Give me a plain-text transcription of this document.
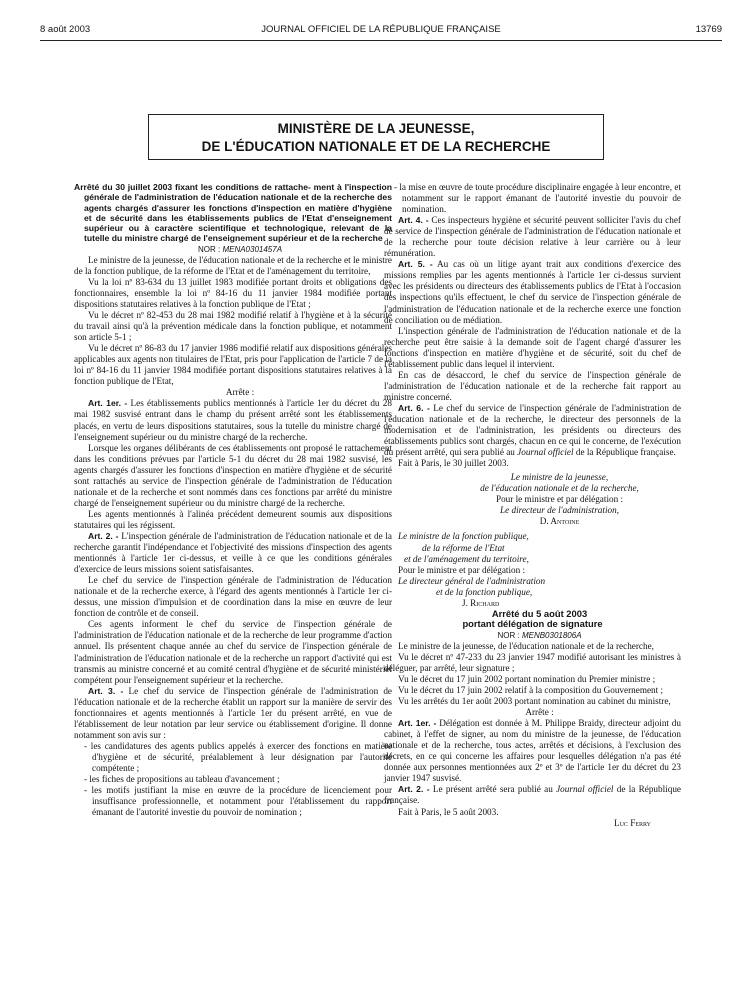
8 août 2003	JOURNAL OFFICIEL DE LA RÉPUBLIQUE FRANÇAISE	13769
MINISTÈRE DE LA JEUNESSE,
DE L'ÉDUCATION NATIONALE ET DE LA RECHERCHE

Arrêté du 30 juillet 2003 fixant les conditions de rattache- ment à l'inspection générale de l'administration de l'éducation nationale et de la recherche des agents chargés d'assurer les fonctions d'inspection en matière d'hygiène et de sécurité dans les établissements publics de l'Etat d'enseignement supérieur ou à caractère scientifique et technologique, relevant de la tutelle du ministre chargé de l'enseignement supérieur et de la recherche

NOR : MENA0301457A

Le ministre de la jeunesse, de l'éducation nationale et de la recherche et le ministre de la fonction publique, de la réforme de l'Etat et de l'aménagement du territoire,

Vu la loi nº 83-634 du 13 juillet 1983 modifiée portant droits et obligations des fonctionnaires, ensemble la loi nº 84-16 du 11 janvier 1984 modifiée portant dispositions statutaires relatives à la fonction publique de l'Etat ;

Vu le décret nº 82-453 du 28 mai 1982 modifié relatif à l'hygiène et à la sécurité du travail ainsi qu'à la prévention médicale dans la fonction publique, et notamment son article 5-1 ;

Vu le décret nº 86-83 du 17 janvier 1986 modifié relatif aux dispositions générales applicables aux agents non titulaires de l'Etat, pris pour l'application de l'article 7 de la loi nº 84-16 du 11 janvier 1984 modifiée portant dispositions statutaires relatives à la fonction publique de l'Etat,

Arrête :

Art. 1er. - Les établissements publics mentionnés à l'article 1er du décret du 28 mai 1982 susvisé entrant dans le champ du présent arrêté sont les établissements placés, en vertu de leurs dispositions statutaires, sous la tutelle du ministre chargé de l'enseignement supérieur ou du ministre chargé de la recherche.

Lorsque les organes délibérants de ces établissements ont proposé le rattachement dans les conditions prévues par l'article 5-1 du décret du 28 mai 1982 susvisé, les agents chargés d'assurer les fonctions d'inspection en matière d'hygiène et de sécurité sont rattachés au service de l'inspection générale de l'administration de l'éducation nationale et de la recherche et sont nommés dans ces fonctions par arrêté du ministre chargé de l'enseignement supérieur ou du ministre chargé de la recherche.

Les agents mentionnés à l'alinéa précédent demeurent soumis aux dispositions statutaires qui les régissent.

Art. 2. - L'inspection générale de l'administration de l'éducation nationale et de la recherche garantit l'indépendance et l'objectivité des missions d'inspection des agents mentionnés à l'article 1er ci-dessus, et veille à ce que les conditions générales d'exercice de leurs missions soient satisfaisantes.

Le chef du service de l'inspection générale de l'administration de l'éducation nationale et de la recherche exerce, à l'égard des agents mentionnés à l'article 1er ci-dessus, une mission d'impulsion et de coordination dans la mise en œuvre de leur fonction de contrôle et de conseil.

Ces agents informent le chef du service de l'inspection générale de l'administration de l'éducation nationale et de la recherche de leur programme d'action annuel. Ils présentent chaque année au chef du service de l'inspection générale de l'administration de l'éducation nationale et de la recherche un rapport d'activité qui est transmis au ministre concerné et au comité central d'hygiène et de sécurité ministériel compétent pour l'enseignement supérieur et la recherche.

Art. 3. - Le chef du service de l'inspection générale de l'administration de l'éducation nationale et de la recherche établit un rapport sur la manière de servir des fonctionnaires et agents mentionnés à l'article 1er du présent arrêté, en vue de l'établissement de leur notation par leur service ou établissement d'origine. Il donne notamment son avis sur :

- les candidatures des agents publics appelés à exercer des fonctions en matière d'hygiène et de sécurité, préalablement à leur désignation par l'autorité compétente ;

- les fiches de propositions au tableau d'avancement ;

- les motifs justifiant la mise en œuvre de la procédure de licenciement pour insuffisance professionnelle, et notamment pour l'établissement du rapport émanant de l'autorité investie du pouvoir de nomination ;

- la mise en œuvre de toute procédure disciplinaire engagée à leur encontre, et notamment sur le rapport émanant de l'autorité investie du pouvoir de nomination.

Art. 4. - Ces inspecteurs hygiène et sécurité peuvent solliciter l'avis du chef de service de l'inspection générale de l'administration de l'éducation nationale et de la recherche pour toute décision relative à leur carrière ou à leur rémunération.

Art. 5. - Au cas où un litige ayant trait aux conditions d'exercice des missions remplies par les agents mentionnés à l'article 1er ci-dessus survient avec les présidents ou directeurs des établissements publics de l'Etat à l'occasion des inspections qu'ils effectuent, le chef du service de l'inspection générale de l'administration de l'éducation nationale et de la recherche exerce une fonction de conciliation ou de médiation.

L'inspection générale de l'administration de l'éducation nationale et de la recherche peut être saisie à la demande soit de l'agent chargé d'assurer les fonctions d'inspection en matière d'hygiène et de sécurité, soit du chef de l'établissement public dans lequel il intervient.

En cas de désaccord, le chef du service de l'inspection générale de l'administration de l'éducation nationale et de la recherche fait rapport au ministre concerné.

Art. 6. - Le chef du service de l'inspection générale de l'administration de l'éducation nationale et de la recherche, le directeur des personnels de la modernisation et de l'administration, les présidents ou directeurs des établissements publics sont chargés, chacun en ce qui le concerne, de l'exécution du présent arrêté, qui sera publié au Journal officiel de la République française.

Fait à Paris, le 30 juillet 2003.

Le ministre de la jeunesse,

de l'éducation nationale et de la recherche,

Pour le ministre et par délégation :

Le directeur de l'administration,

D. Antoine

Le ministre de la fonction publique,

de la réforme de l'Etat

et de l'aménagement du territoire,

Pour le ministre et par délégation :

Le directeur général de l'administration

et de la fonction publique,

J. Richard

Arrêté du 5 août 2003
portant délégation de signature

NOR : MENB0301806A

Le ministre de la jeunesse, de l'éducation nationale et de la recherche,

Vu le décret nº 47-233 du 23 janvier 1947 modifié autorisant les ministres à déléguer, par arrêté, leur signature ;

Vu le décret du 17 juin 2002 portant nomination du Premier ministre ;

Vu le décret du 17 juin 2002 relatif à la composition du Gouvernement ;

Vu les arrêtés du 1er août 2003 portant nomination au cabinet du ministre,

Arrête :

Art. 1er. - Délégation est donnée à M. Philippe Braidy, directeur adjoint du cabinet, à l'effet de signer, au nom du ministre de la jeunesse, de l'éducation nationale et de la recherche, tous actes, arrêtés et décisions, à l'exclusion des décrets, en ce qui concerne les affaires pour lesquelles délégation n'a pas été donnée aux personnes mentionnées aux 2º et 3º de l'article 1er du décret du 23 janvier 1947 susvisé.

Art. 2. - Le présent arrêté sera publié au Journal officiel de la République française.

Fait à Paris, le 5 août 2003.

Luc Ferry
